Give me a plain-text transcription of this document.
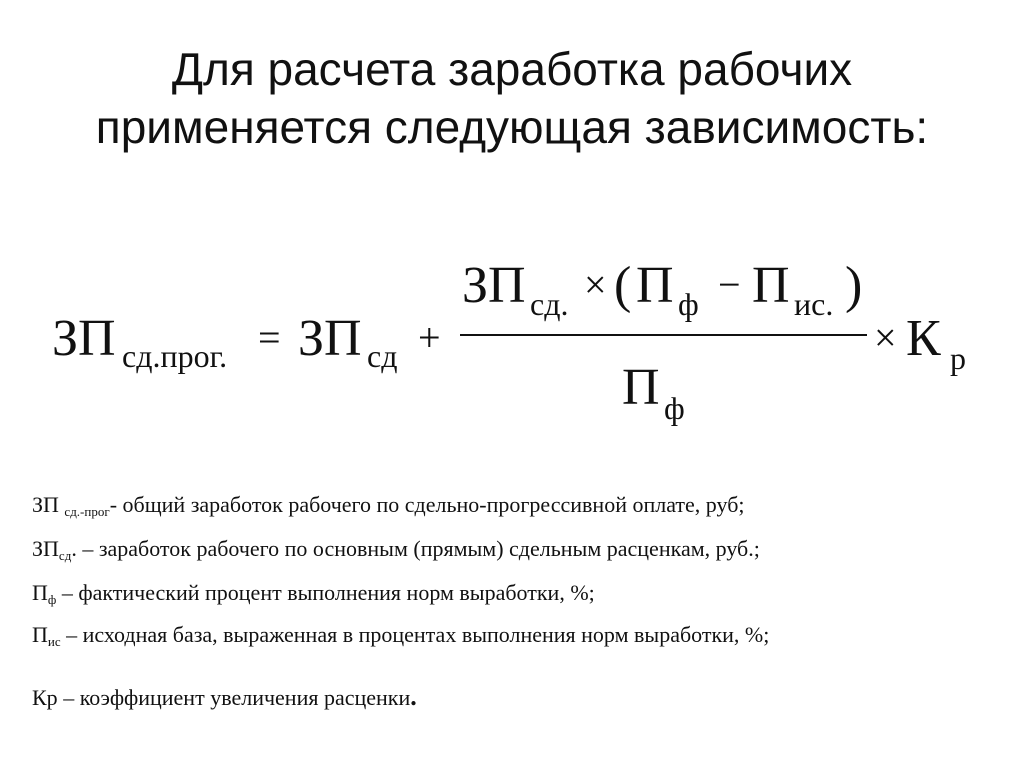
Для расчета заработка рабочих
применяется следующая зависимость:
ЗП сд.прог. = ЗП сд +
ЗП сд. × ( П ф − П ис. )
П ф
× К р
ЗП $_{сд.-прог}$- общий заработок рабочего по сдельно-прогрессивной оплате, руб;
$ЗП_{сд}$. – заработок рабочего по основным (прямым) сдельным расценкам, руб.;
$П_ф$ – фактический процент выполнения норм выработки, %;
$П_{ис}$ – исходная база, выраженная в процентах выполнения норм выработки, %;
Кр – коэффициент увеличения расценки.
